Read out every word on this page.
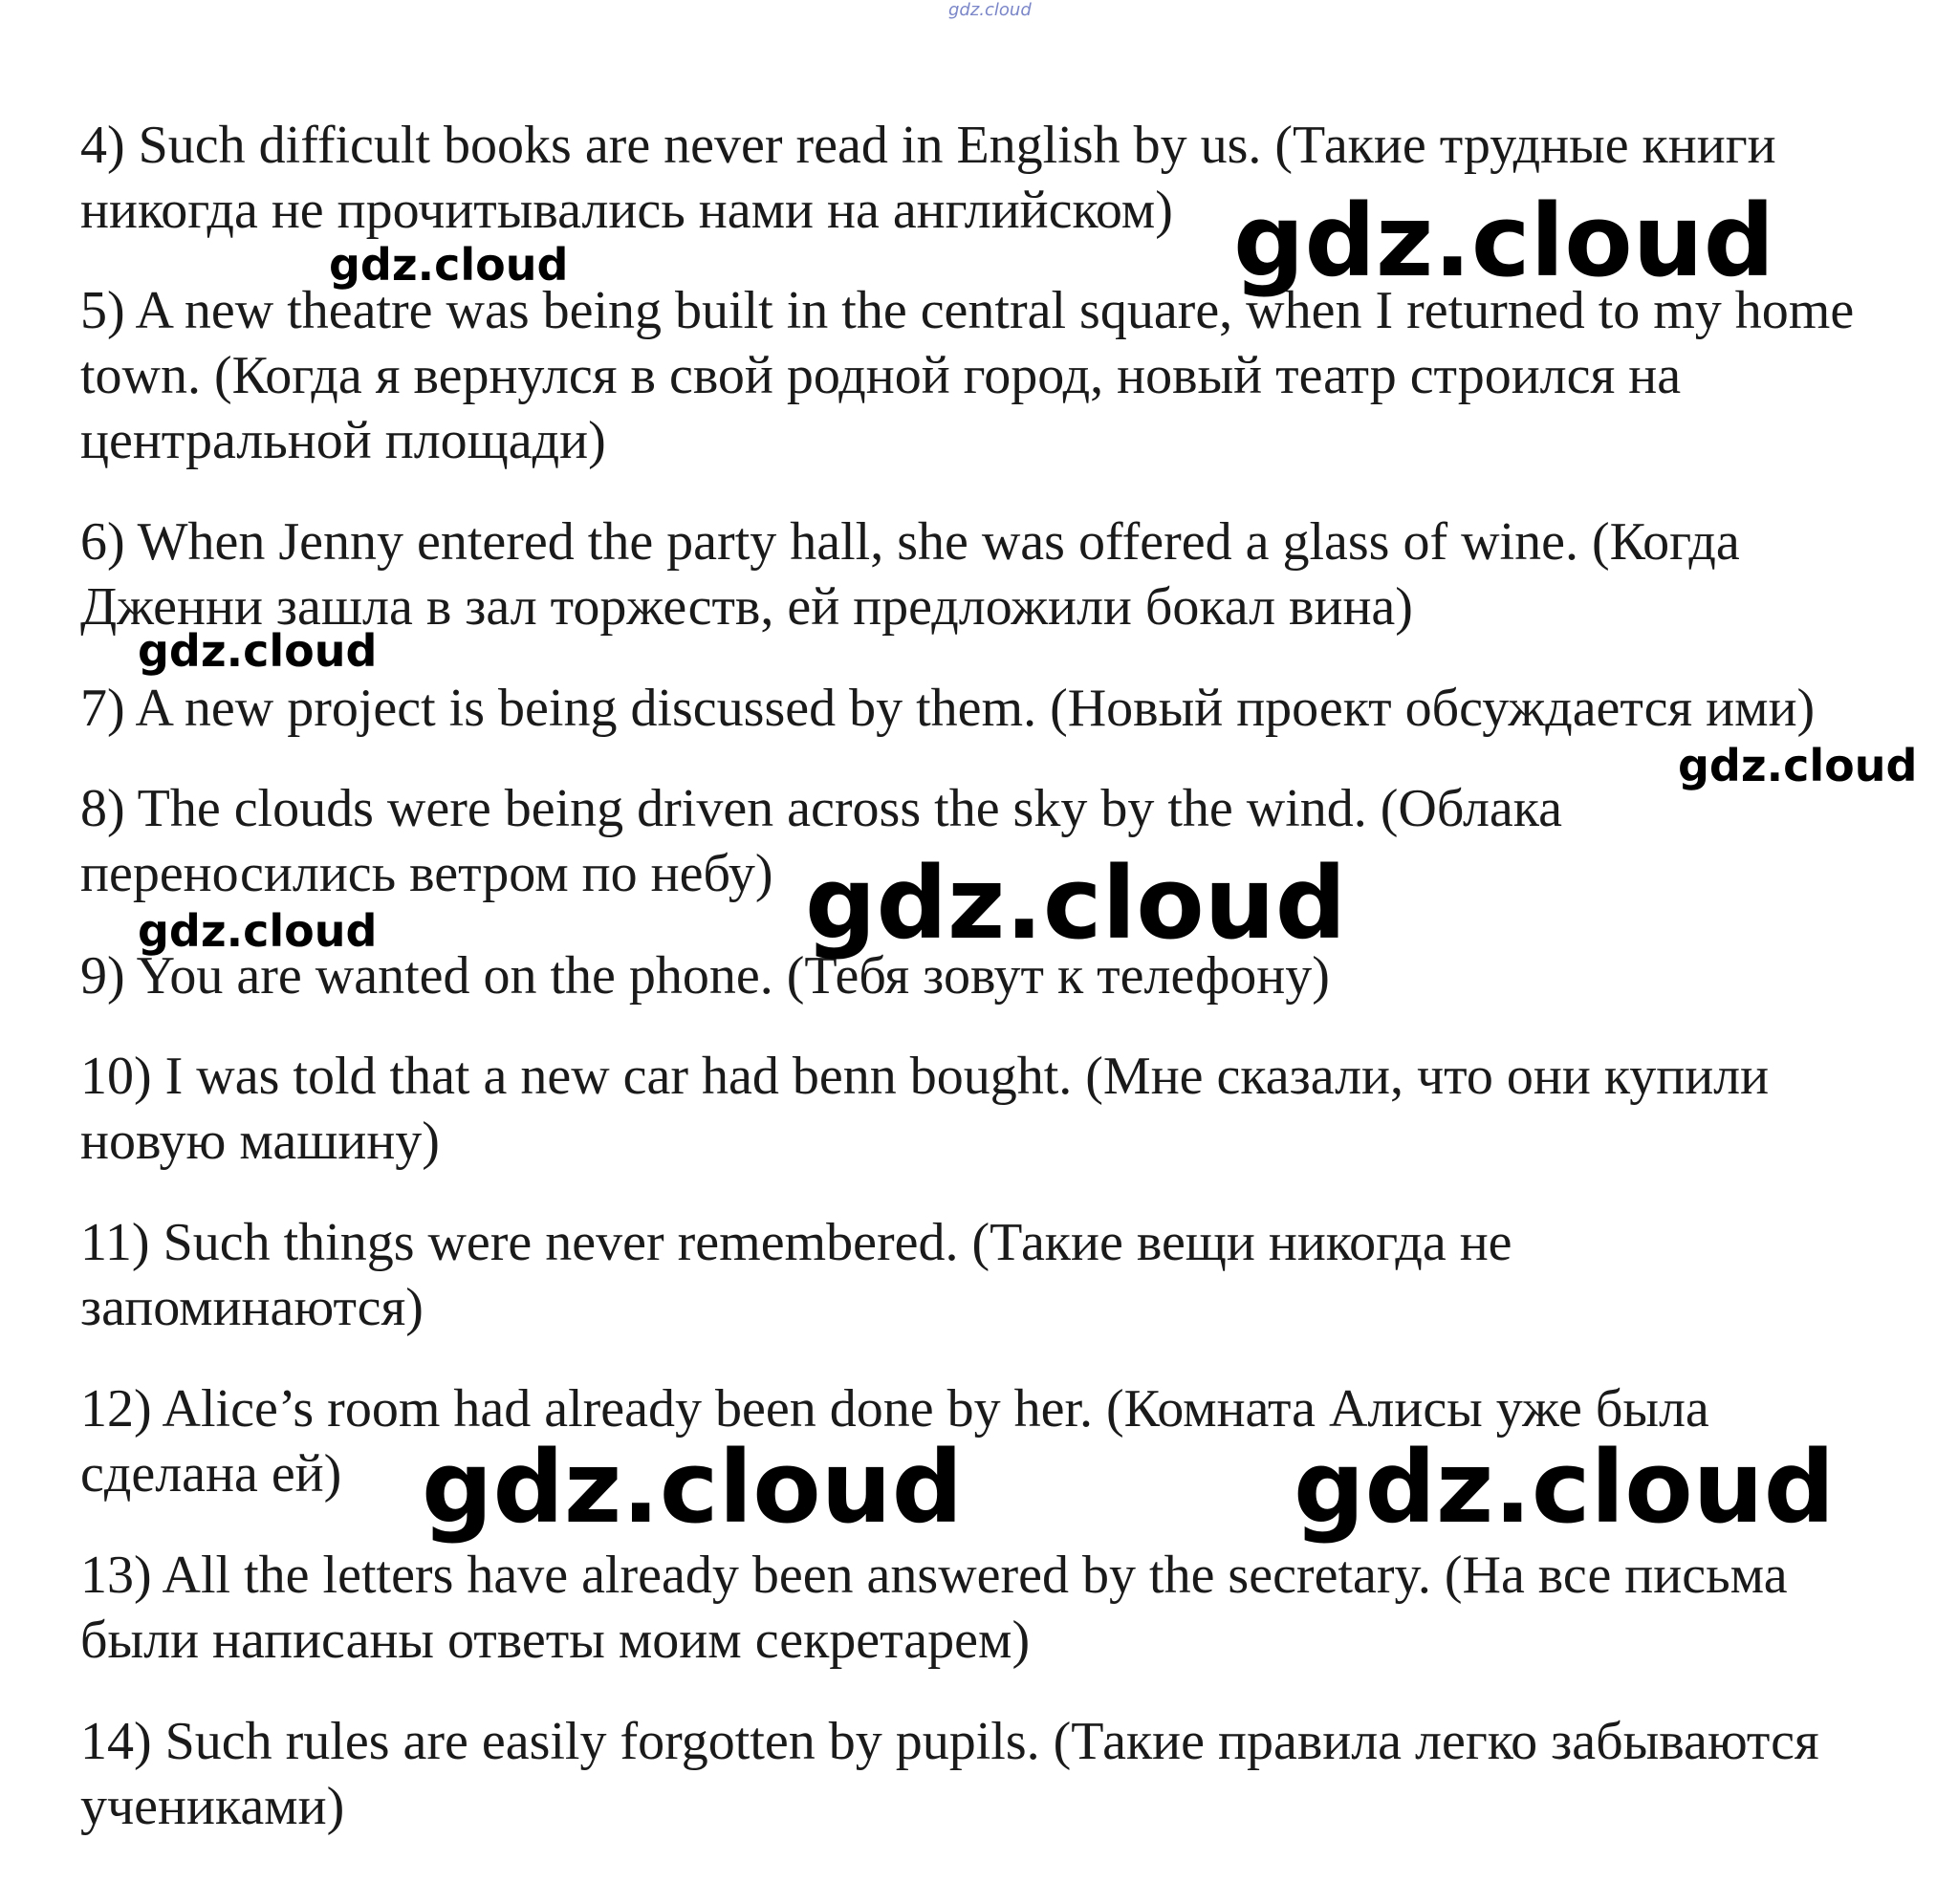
gdz.cloud
4) Such difficult books are never read in English by us. (Такие трудные книги
никогда не прочитывались нами на английском)
5) A new theatre was being built in the central square, when I returned to my home
town. (Когда я вернулся в свой родной город, новый театр строился на
центральной площади)
6) When Jenny entered the party hall, she was offered a glass of wine. (Когда
Дженни зашла в зал торжеств, ей предложили бокал вина)
7) A new project is being discussed by them. (Новый проект обсуждается ими)
8) The clouds were being driven across the sky by the wind. (Облака
переносились ветром по небу)
9) You are wanted on the phone. (Тебя зовут к телефону)
10) I was told that a new car had benn bought. (Мне сказали, что они купили
новую машину)
11) Such things were never remembered. (Такие вещи никогда не
запоминаются)
12) Alice’s room had already been done by her. (Комната Алисы уже была
сделана ей)
13) All the letters have already been answered by the secretary. (На все письма
были написаны ответы моим секретарем)
14) Such rules are easily forgotten by pupils. (Такие правила легко забываются
учениками)
gdz.cloud
gdz.cloud
gdz.cloud
gdz.cloud
gdz.cloud
gdz.cloud
gdz.cloud	gdz.cloud
